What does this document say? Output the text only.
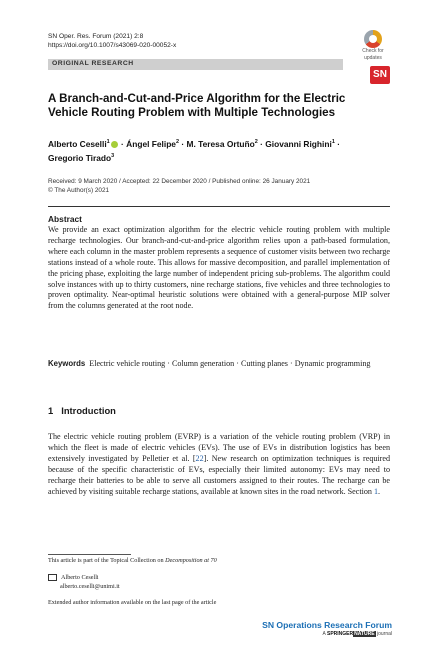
SN Oper. Res. Forum (2021) 2:8
https://doi.org/10.1007/s43069-020-00052-x
Check for
updates
ORIGINAL RESEARCH
SN
A Branch-and-Cut-and-Price Algorithm for the Electric Vehicle Routing Problem with Multiple Technologies
Alberto Ceselli$^1$ · Ángel Felipe$^2$ · M. Teresa Ortuño$^2$ · Giovanni Righini$^1$ ·
Gregorio Tirado$^3$
Received: 9 March 2020 / Accepted: 22 December 2020 / Published online: 26 January 2021
© The Author(s) 2021
Abstract
We provide an exact optimization algorithm for the electric vehicle routing problem with multiple recharge technologies. Our branch-and-cut-and-price algorithm relies upon a path-based formulation, where each column in the master problem represents a sequence of customer visits between two recharge stations instead of a whole route. This allows for massive decomposition, and parallel implementation of the pricing phase, exploiting the large number of independent pricing sub-problems. The algorithm could solve instances with up to thirty customers, nine recharge stations, five vehicles and three technologies to proven optimality. Near-optimal heuristic solutions were obtained with a general-purpose MIP solver from the columns generated at the root node.
Keywords Electric vehicle routing · Column generation · Cutting planes · Dynamic programming
1 Introduction
The electric vehicle routing problem (EVRP) is a variation of the vehicle routing problem (VRP) in which the fleet is made of electric vehicles (EVs). The use of EVs in distribution logistics has been extensively investigated by Pelletier et al. [22]. New research on optimization techniques is required because of the specific characteristic of EVs, especially their limited autonomy: EVs may need to recharge their batteries to be able to serve all customers assigned to their routes. The recharge can be achieved by visiting suitable recharge stations, available at known sites in the road network. Section 1.
This article is part of the Topical Collection on Decomposition at 70
Alberto Ceselli
alberto.ceselli@unimi.it
Extended author information available on the last page of the article
SN Operations Research Forum
A SPRINGERNATURE journal
